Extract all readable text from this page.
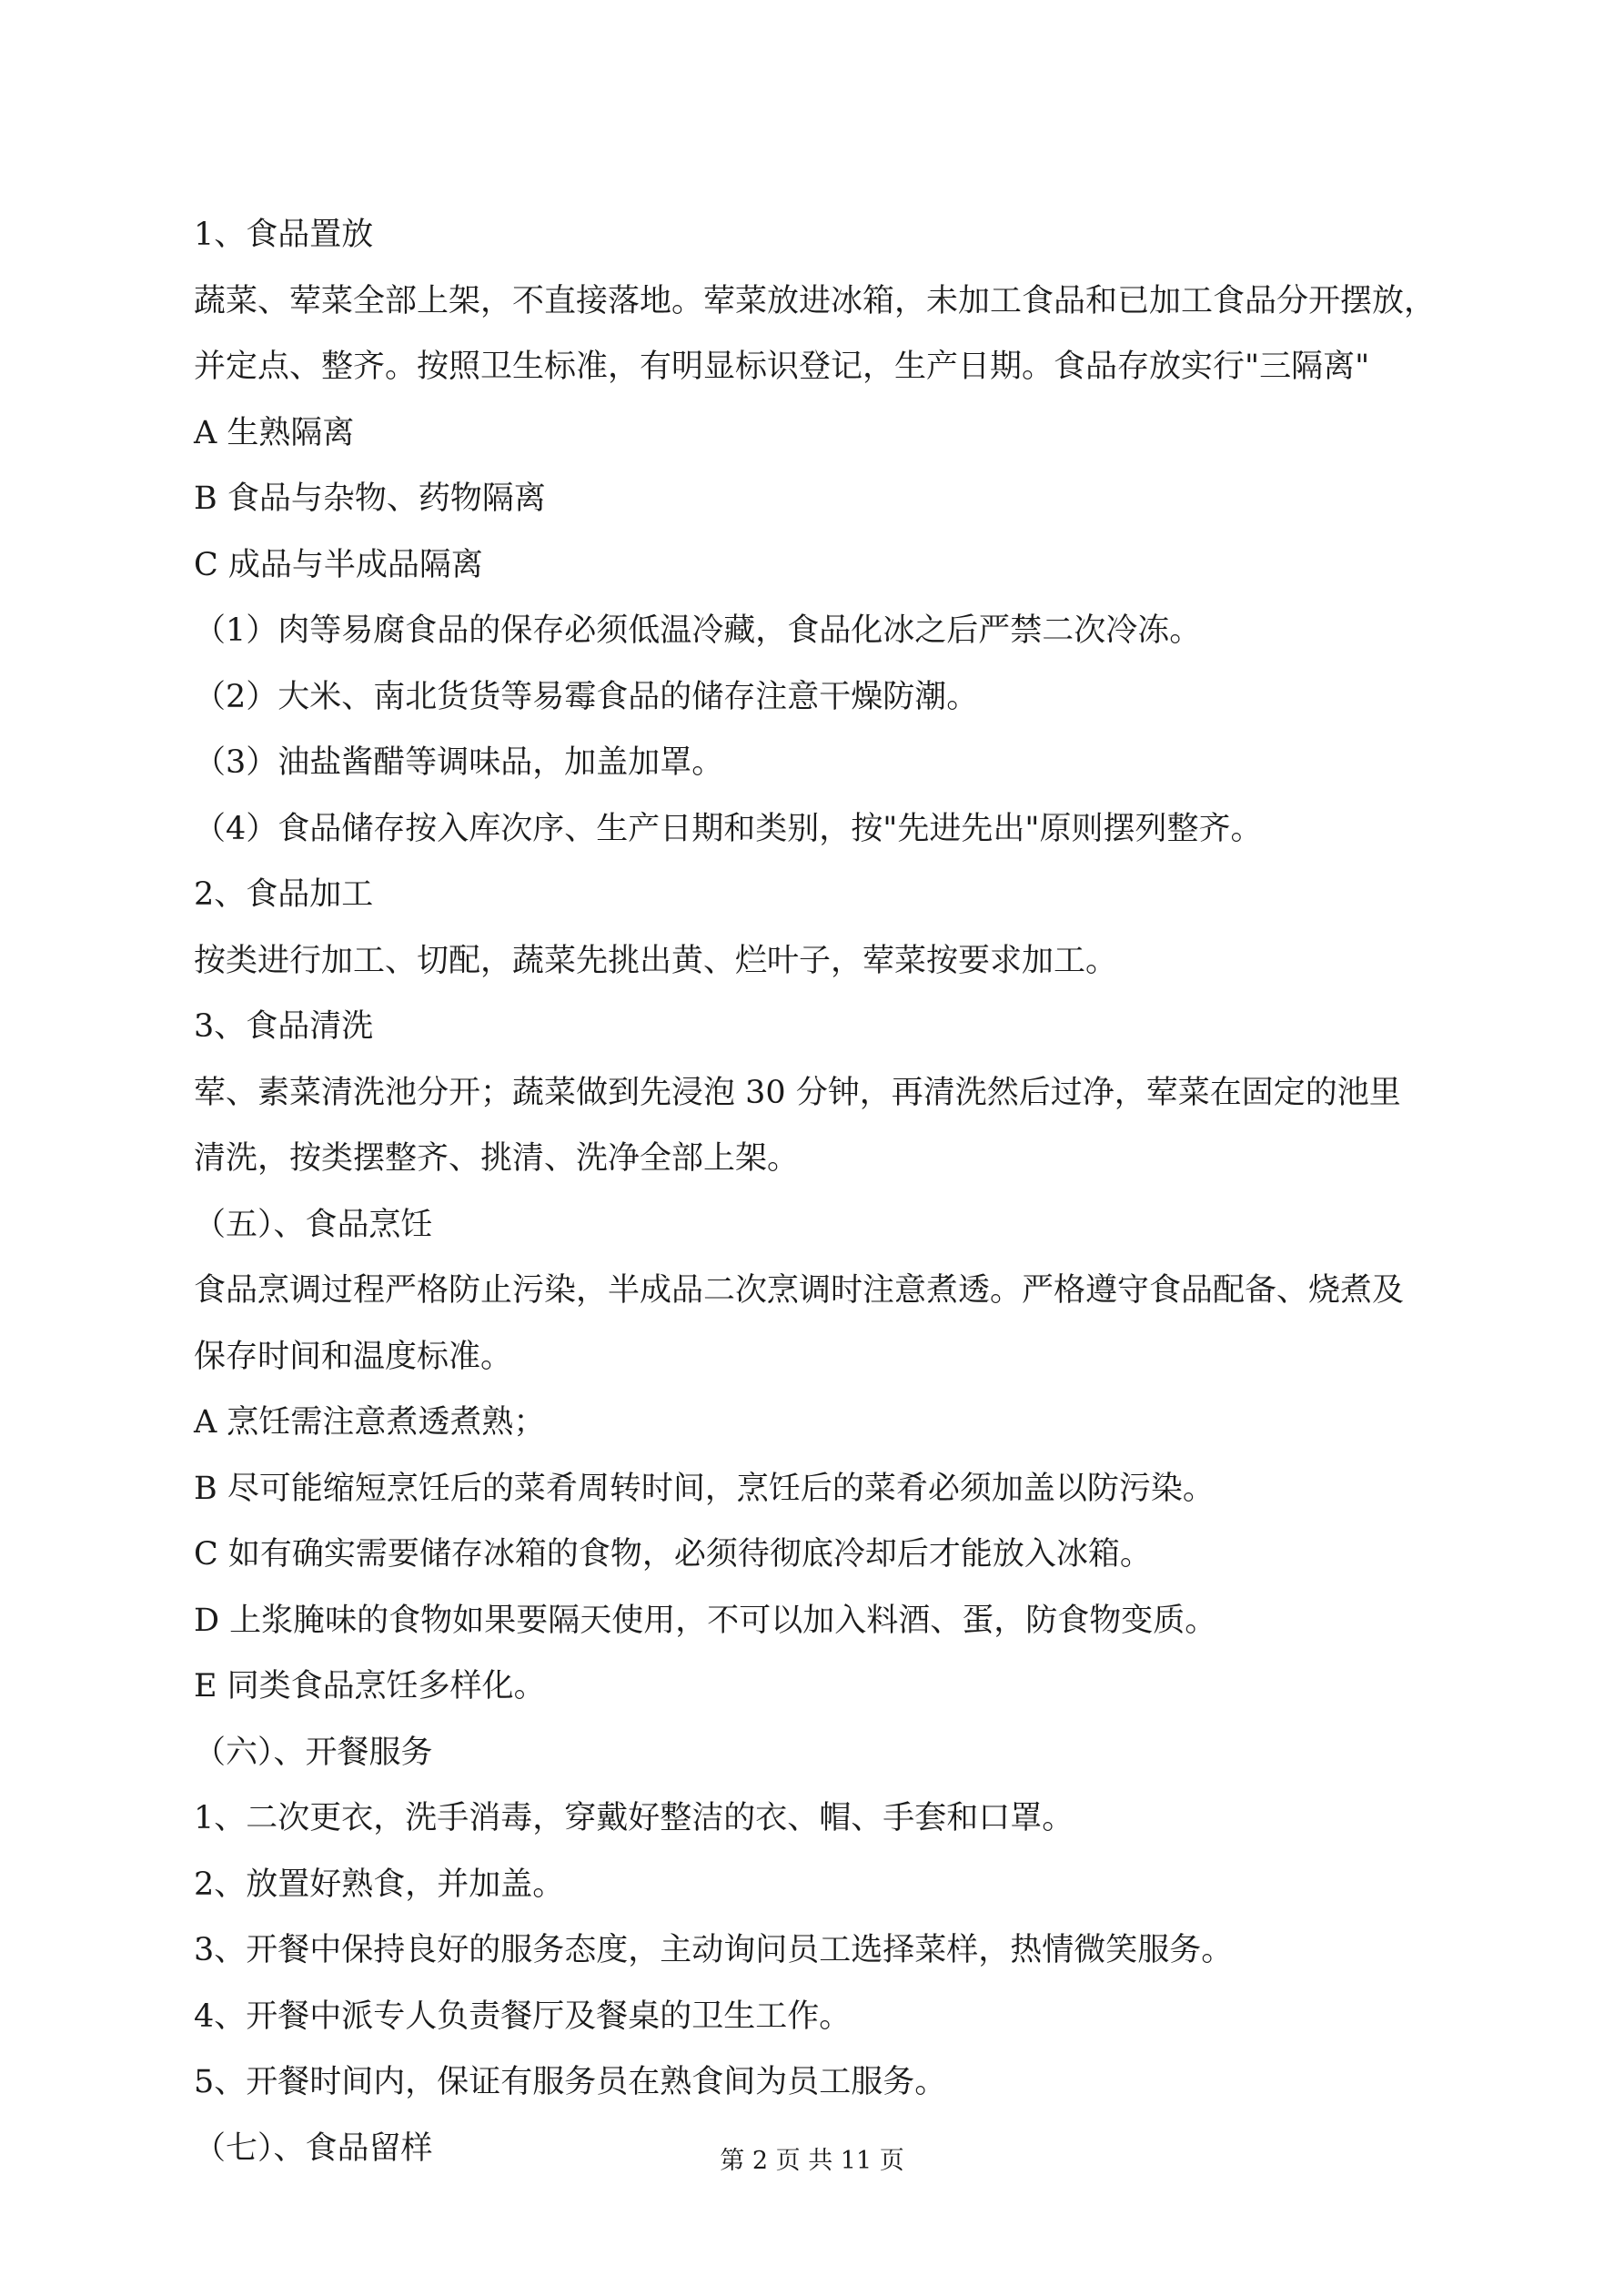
1、食品置放
蔬菜、荤菜全部上架，不直接落地。荤菜放进冰箱，未加工食品和已加工食品分开摆放，
并定点、整齐。按照卫生标准，有明显标识登记，生产日期。食品存放实行"三隔离"
A 生熟隔离
B 食品与杂物、药物隔离
C 成品与半成品隔离
（1）肉等易腐食品的保存必须低温冷藏，食品化冰之后严禁二次冷冻。
（2）大米、南北货货等易霉食品的储存注意干燥防潮。
（3）油盐酱醋等调味品，加盖加罩。
（4）食品储存按入库次序、生产日期和类别，按"先进先出"原则摆列整齐。
2、食品加工
按类进行加工、切配，蔬菜先挑出黄、烂叶子，荤菜按要求加工。
3、食品清洗
荤、素菜清洗池分开；蔬菜做到先浸泡 30 分钟，再清洗然后过净，荤菜在固定的池里
清洗，按类摆整齐、挑清、洗净全部上架。
（五）、食品烹饪
食品烹调过程严格防止污染，半成品二次烹调时注意煮透。严格遵守食品配备、烧煮及
保存时间和温度标准。
A 烹饪需注意煮透煮熟；
B 尽可能缩短烹饪后的菜肴周转时间，烹饪后的菜肴必须加盖以防污染。
C 如有确实需要储存冰箱的食物，必须待彻底冷却后才能放入冰箱。
D 上浆腌味的食物如果要隔天使用，不可以加入料酒、蛋，防食物变质。
E 同类食品烹饪多样化。
（六）、开餐服务
1、二次更衣，洗手消毒，穿戴好整洁的衣、帽、手套和口罩。
2、放置好熟食，并加盖。
3、开餐中保持良好的服务态度，主动询问员工选择菜样，热情微笑服务。
4、开餐中派专人负责餐厅及餐桌的卫生工作。
5、开餐时间内，保证有服务员在熟食间为员工服务。
（七）、食品留样	第 2 页 共 11 页
